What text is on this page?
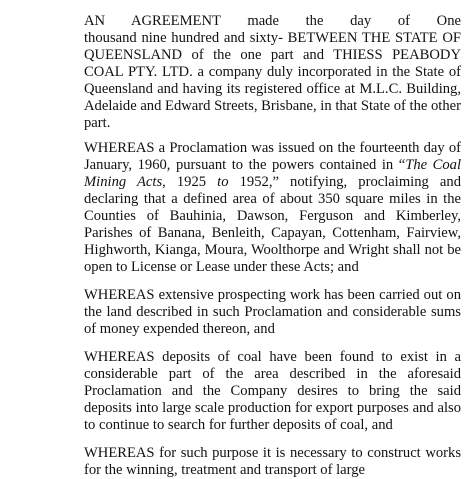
AN AGREEMENT made the day of One
thousand nine hundred and sixty- BETWEEN THE STATE OF QUEENSLAND of the one part and THIESS PEABODY COAL PTY. LTD. a company duly incorporated in the State of Queensland and having its registered office at M.L.C. Building, Adelaide and Edward Streets, Brisbane, in that State of the other part.

WHEREAS a Proclamation was issued on the fourteenth day of January, 1960, pursuant to the powers contained in “The Coal Mining Acts, 1925 to 1952,” notifying, proclaiming and declaring that a defined area of about 350 square miles in the Counties of Bauhinia, Dawson, Ferguson and Kimberley, Parishes of Banana, Benleith, Capayan, Cottenham, Fairview, Highworth, Kianga, Moura, Woolthorpe and Wright shall not be open to License or Lease under these Acts; and

WHEREAS extensive prospecting work has been carried out on the land described in such Proclamation and considerable sums of money expended thereon, and

WHEREAS deposits of coal have been found to exist in a considerable part of the area described in the aforesaid Proclamation and the Company desires to bring the said deposits into large scale production for export purposes and also to continue to search for further deposits of coal, and

WHEREAS for such purpose it is necessary to construct works for the winning, treatment and transport of large
